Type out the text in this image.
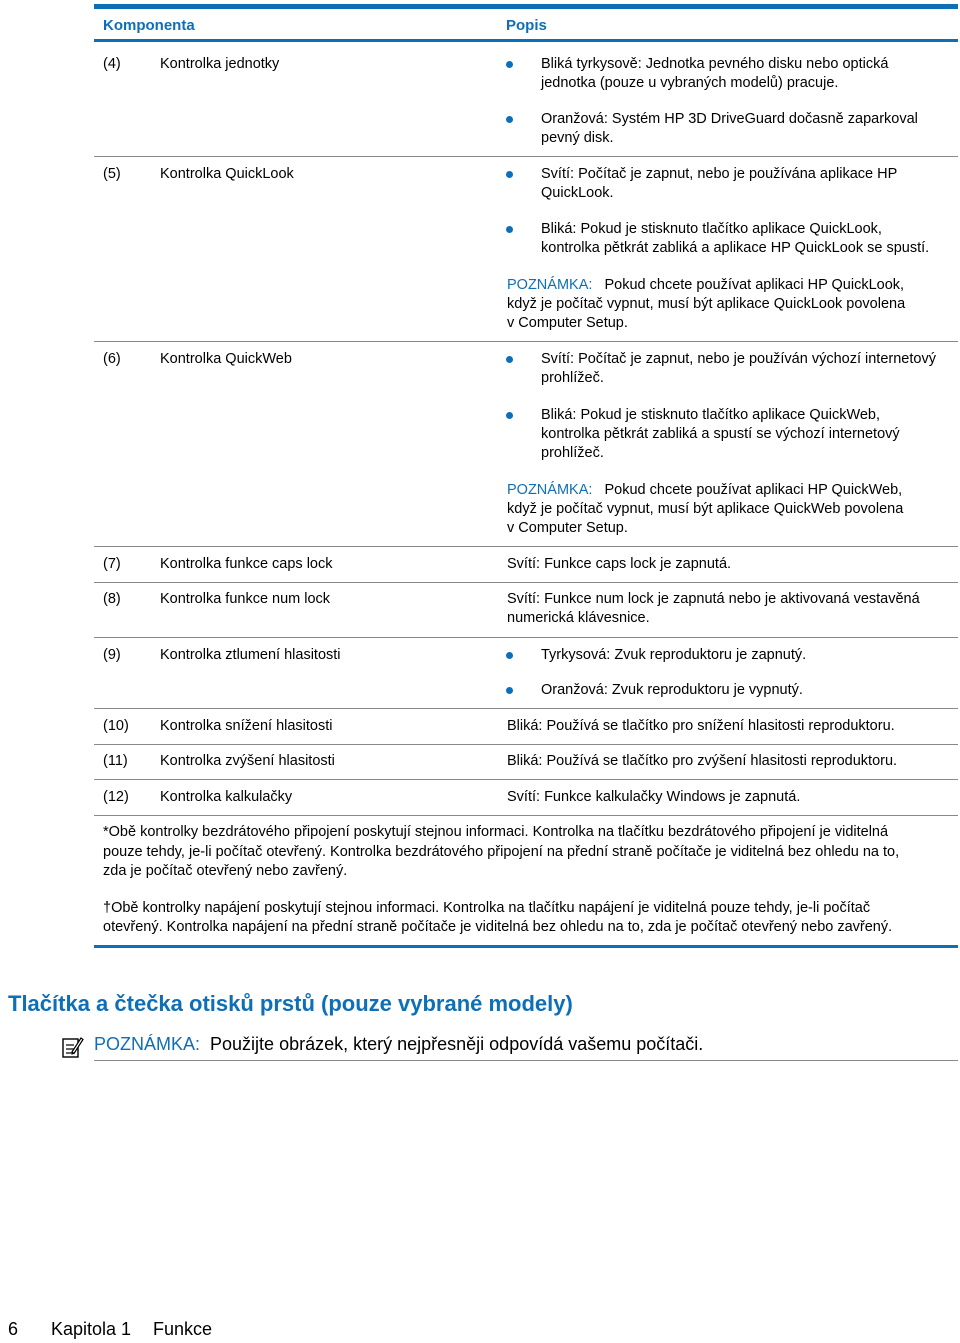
Komponenta	Popis
(4)	Kontrolka jednotky	Bliká tyrkysově: Jednotka pevného disku nebo optická
jednotka (pouze u vybraných modelů) pracuje.
Oranžová: Systém HP 3D DriveGuard dočasně zaparkoval
pevný disk.
(5)	Kontrolka QuickLook	Svítí: Počítač je zapnut, nebo je používána aplikace HP
QuickLook.
Bliká: Pokud je stisknuto tlačítko aplikace QuickLook,
kontrolka pětkrát zabliká a aplikace HP QuickLook se spustí.
POZNÁMKA: Pokud chcete používat aplikaci HP QuickLook,
když je počítač vypnut, musí být aplikace QuickLook povolena
v Computer Setup.
(6)	Kontrolka QuickWeb	Svítí: Počítač je zapnut, nebo je používán výchozí internetový
prohlížeč.
Bliká: Pokud je stisknuto tlačítko aplikace QuickWeb,
kontrolka pětkrát zabliká a spustí se výchozí internetový
prohlížeč.
POZNÁMKA: Pokud chcete používat aplikaci HP QuickWeb,
když je počítač vypnut, musí být aplikace QuickWeb povolena
v Computer Setup.
(7)	Kontrolka funkce caps lock	Svítí: Funkce caps lock je zapnutá.
(8)	Kontrolka funkce num lock	Svítí: Funkce num lock je zapnutá nebo je aktivovaná vestavěná
numerická klávesnice.
(9)	Kontrolka ztlumení hlasitosti	Tyrkysová: Zvuk reproduktoru je zapnutý.
Oranžová: Zvuk reproduktoru je vypnutý.
(10) Kontrolka snížení hlasitosti	Bliká: Používá se tlačítko pro snížení hlasitosti reproduktoru.
(11) Kontrolka zvýšení hlasitosti	Bliká: Používá se tlačítko pro zvýšení hlasitosti reproduktoru.
(12) Kontrolka kalkulačky	Svítí: Funkce kalkulačky Windows je zapnutá.
*Obě kontrolky bezdrátového připojení poskytují stejnou informaci. Kontrolka na tlačítku bezdrátového připojení je viditelná
pouze tehdy, je-li počítač otevřený. Kontrolka bezdrátového připojení na přední straně počítače je viditelná bez ohledu na to,
zda je počítač otevřený nebo zavřený.
†Obě kontrolky napájení poskytují stejnou informaci. Kontrolka na tlačítku napájení je viditelná pouze tehdy, je-li počítač
otevřený. Kontrolka napájení na přední straně počítače je viditelná bez ohledu na to, zda je počítač otevřený nebo zavřený.
Tlačítka a čtečka otisků prstů (pouze vybrané modely)
POZNÁMKA: Použijte obrázek, který nejpřesněji odpovídá vašemu počítači.
6 Kapitola 1 Funkce
